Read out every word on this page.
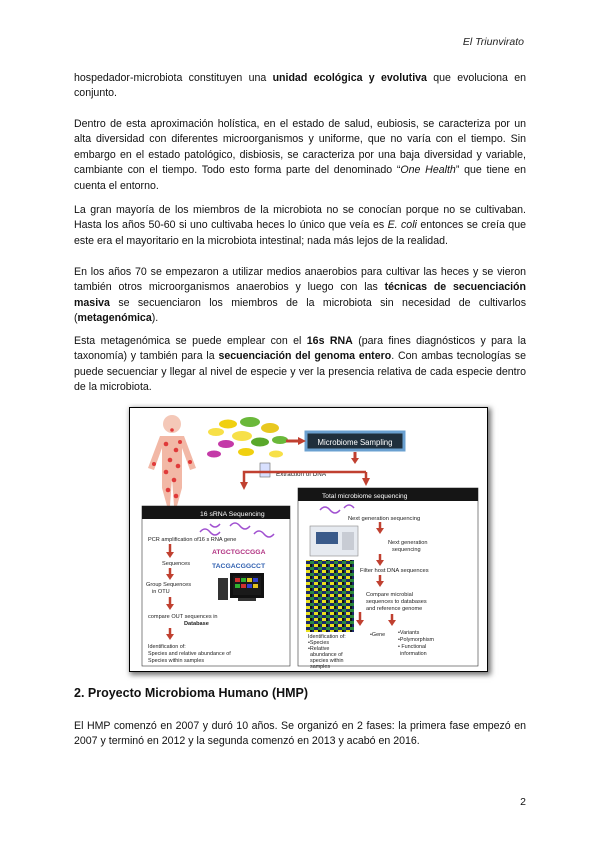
El Triunvirato

hospedador-microbiota constituyen una unidad ecológica y evolutiva que evoluciona en conjunto.

Dentro de esta aproximación holística, en el estado de salud, eubiosis, se caracteriza por un alta diversidad con diferentes microorganismos y uniforme, que no varía con el tiempo. Sin embargo en el estado patológico, disbiosis, se caracteriza por una baja diversidad y variable, cambiante con el tiempo. Todo esto forma parte del denominado “One Health” que tiene en cuenta el entorno.

La gran mayoría de los miembros de la microbiota no se conocían porque no se cultivaban. Hasta los años 50-60 si uno cultivaba heces lo único que veía es E. coli entonces se creía que este era el mayoritario en la microbiota intestinal; nada más lejos de la realidad.

En los años 70 se empezaron a utilizar medios anaerobios para cultivar las heces y se vieron también otros microorganismos anaerobios y luego con las técnicas de secuenciación masiva se secuenciaron los miembros de la microbiota sin necesidad de cultivarlos (metagenómica).

Esta metagenómica se puede emplear con el 16s RNA (para fines diagnósticos y para la taxonomía) y también para la secuenciación del genoma entero. Con ambas tecnologías se puede secuenciar y llegar al nivel de especie y ver la presencia relativa de cada especie dentro de la microbiota.

Microbiome Sampling
Extraction of DNA
16 sRNA Sequencing
PCR amplification of16 s RNA gene
Sequences
ATGCTGCCGGA
TACGACGGCCT
Group Sequences
in OTU
compare OUT sequences in
Database
Identification of:
Species and relative abundance of
Species within samples
Total microbiome sequencing
Next generation sequencing
Next generation
sequencing
Filter host DNA sequences
Compare microbial
sequences to databases
and reference genome
Identification of:
•Species
•Relative
abundance of
species within
samples
•Gene •Variants
•Polymorphism
• Functional
information
2. Proyecto Microbioma Humano (HMP)

El HMP comenzó en 2007 y duró 10 años. Se organizó en 2 fases: la primera fase empezó en 2007 y terminó en 2012 y la segunda comenzó en 2013 y acabó en 2016.

2
